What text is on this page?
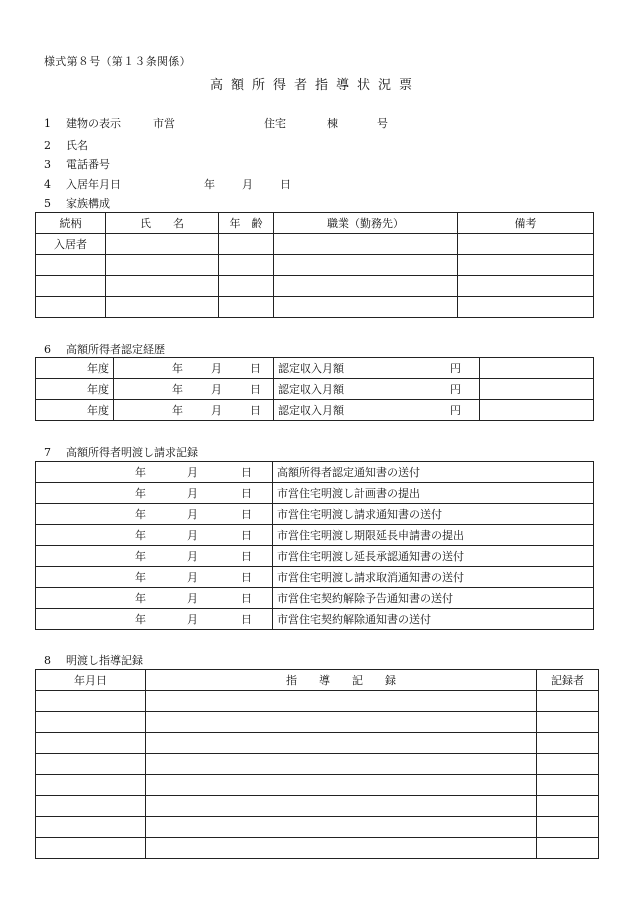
様式第８号（第１３条関係）
高額所得者指導状況票
1 建物の表示	市営	住宅	棟	号
2 氏名
3 電話番号
4 入居年月日	年 月 日
5 家族構成
続柄	氏　　名	年　齢	職業（勤務先）	備考
入居者				

6 高額所得者認定経歴
年度	年 月 日	認定収入月額 円	

年度	年 月 日	認定収入月額 円	

年度	年 月 日	認定収入月額 円	

7 高額所得者明渡し請求記録
年 月 日	高額所得者認定通知書の送付
年 月 日	市営住宅明渡し計画書の提出
年 月 日	市営住宅明渡し請求通知書の送付
年 月 日	市営住宅明渡し期限延長申請書の提出
年 月 日	市営住宅明渡し延長承認通知書の送付
年 月 日	市営住宅明渡し請求取消通知書の送付
年 月 日	市営住宅契約解除予告通知書の送付
年 月 日	市営住宅契約解除通知書の送付
8 明渡し指導記録
年月日	指　　導　　記　　録	記録者
